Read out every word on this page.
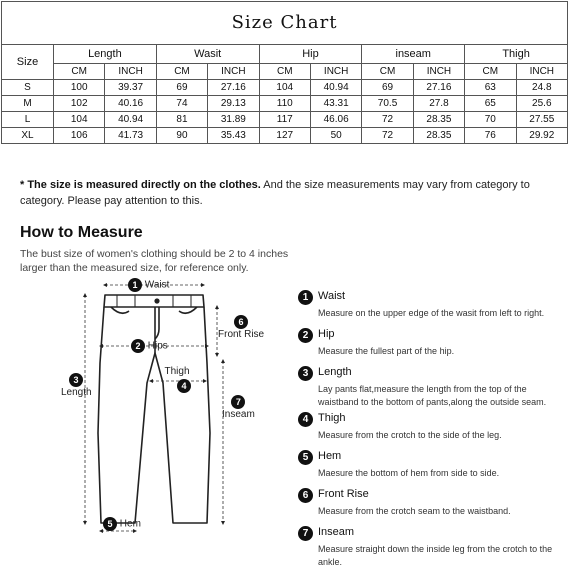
Size Chart										
Size	Length		Wasit		Hip		inseam		Thigh	
	CM	INCH	CM	INCH	CM	INCH	CM	INCH	CM	INCH
S	100	39.37	69	27.16	104	40.94	69	27.16	63	24.8
M	102	40.16	74	29.13	110	43.31	70.5	27.8	65	25.6
L	104	40.94	81	31.89	117	46.06	72	28.35	70	27.55
XL	106	41.73	90	35.43	127	50	72	28.35	76	29.92
* The size is measured directly on the clothes. And the size measurements may vary from category to category. Please pay attention to this.
How to Measure
The bust size of women's clothing should be 2 to 4 inches larger than the measured size, for reference only.
1 Waist
2 Hips
3
Length
Thigh
4
5 Hem
6
Front Rise
7
Inseam
1 Waist
Measure on the upper edge of the wasit from left to right.
2 Hip
Measure the fullest part of the hip.
3 Length
Lay pants flat,measure the length from the top of the waistband to the bottom of pants,along the outside seam.
4 Thigh
Measure from the crotch to the side of the leg.
5 Hem
Maesure the bottom of hem from side to side.
6 Front Rise
Measure from the crotch seam to the waistband.
7 Inseam
Measure straight down the inside leg from the crotch to the ankle.
